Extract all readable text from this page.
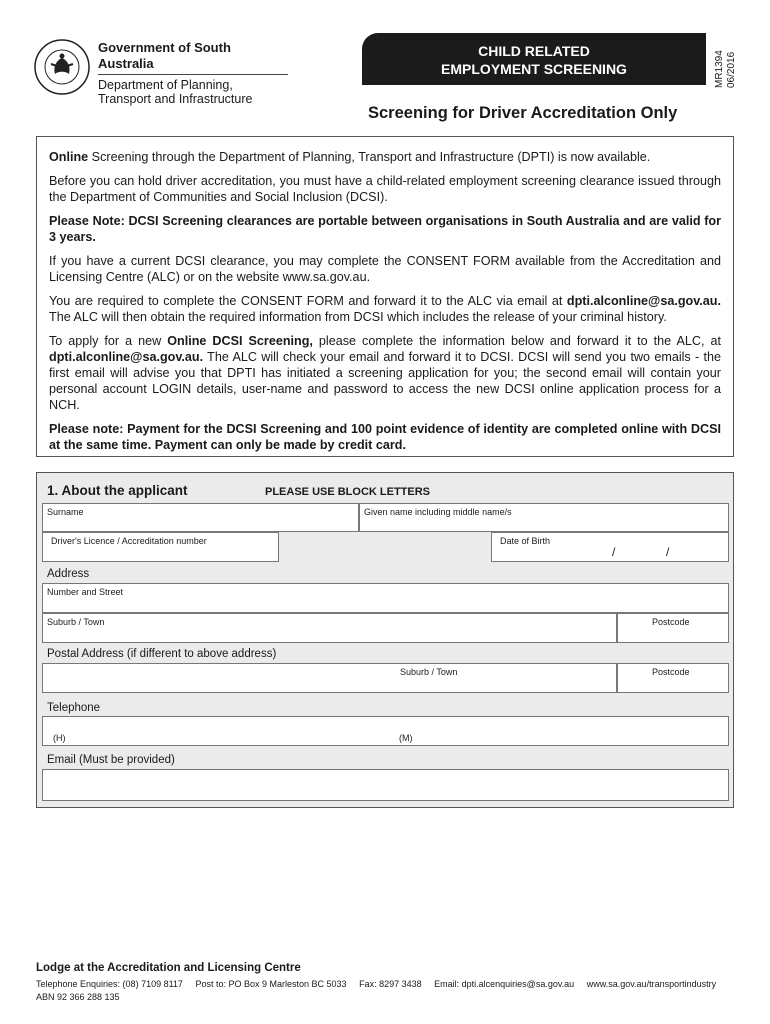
Government of South Australia
Department of Planning,
Transport and Infrastructure
CHILD RELATED
EMPLOYMENT SCREENING	MR1394 06/2016
Screening for Driver Accreditation Only

Online Screening through the Department of Planning, Transport and Infrastructure (DPTI) is now available.

Before you can hold driver accreditation, you must have a child-related employment screening clearance issued through the Department of Communities and Social Inclusion (DCSI).

Please Note: DCSI Screening clearances are portable between organisations in South Australia and are valid for 3 years.

If you have a current DCSI clearance, you may complete the CONSENT FORM available from the Accreditation and Licensing Centre (ALC) or on the website www.sa.gov.au.

You are required to complete the CONSENT FORM and forward it to the ALC via email at dpti.alconline@sa.gov.au. The ALC will then obtain the required information from DCSI which includes the release of your criminal history.

To apply for a new Online DCSI Screening, please complete the information below and forward it to the ALC, at dpti.alconline@sa.gov.au. The ALC will check your email and forward it to DCSI. DCSI will send you two emails - the first email will advise you that DPTI has initiated a screening application for you; the second email will contain your personal account LOGIN details, user-name and password to access the new DCSI online application process for a NCH.

Please note: Payment for the DCSI Screening and 100 point evidence of identity are completed online with DCSI at the same time. Payment can only be made by credit card.

1. About the applicant	PLEASE USE BLOCK LETTERS
Surname	Given name including middle name/s
Driver's Licence / Accreditation number	Date of Birth
/	/
Address
Number and Street
Suburb / Town	Postcode
Postal Address (if different to above address)
Suburb / Town	Postcode
Telephone
(H)	(M)
Email (Must be provided)
Lodge at the Accreditation and Licensing Centre
Telephone Enquiries: (08) 7109 8117 Post to: PO Box 9 Marleston BC 5033 Fax: 8297 3438 Email: dpti.alcenquiries@sa.gov.au www.sa.gov.au/transportindustry
ABN 92 366 288 135
